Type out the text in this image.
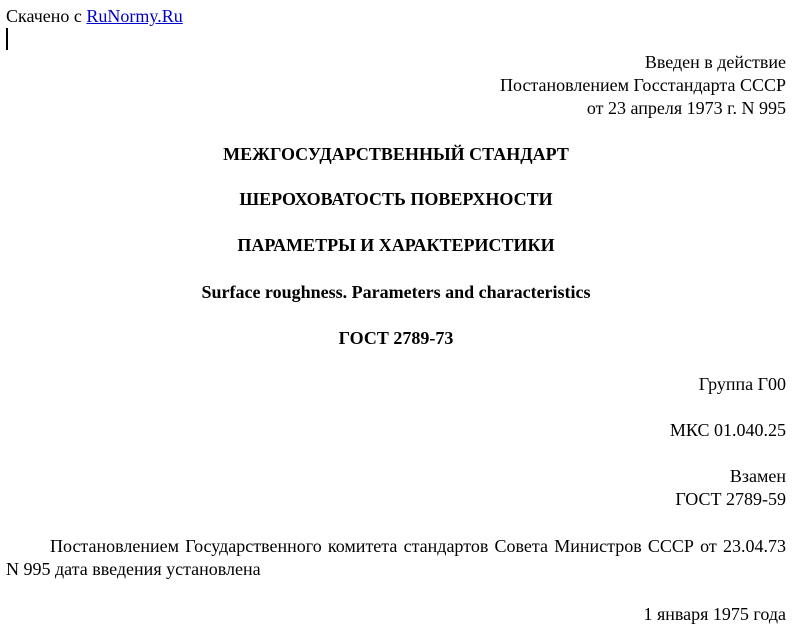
Скачено с RuNormy.Ru
Введен в действие
Постановлением Госстандарта СССР
от 23 апреля 1973 г. N 995
МЕЖГОСУДАРСТВЕННЫЙ СТАНДАРТ
ШЕРОХОВАТОСТЬ ПОВЕРХНОСТИ
ПАРАМЕТРЫ И ХАРАКТЕРИСТИКИ
Surface roughness. Parameters and characteristics
ГОСТ 2789-73
Группа Г00
МКС 01.040.25
Взамен
ГОСТ 2789-59
Постановлением Государственного комитета стандартов Совета Министров СССР от 23.04.73 N 995 дата введения установлена
1 января 1975 года
